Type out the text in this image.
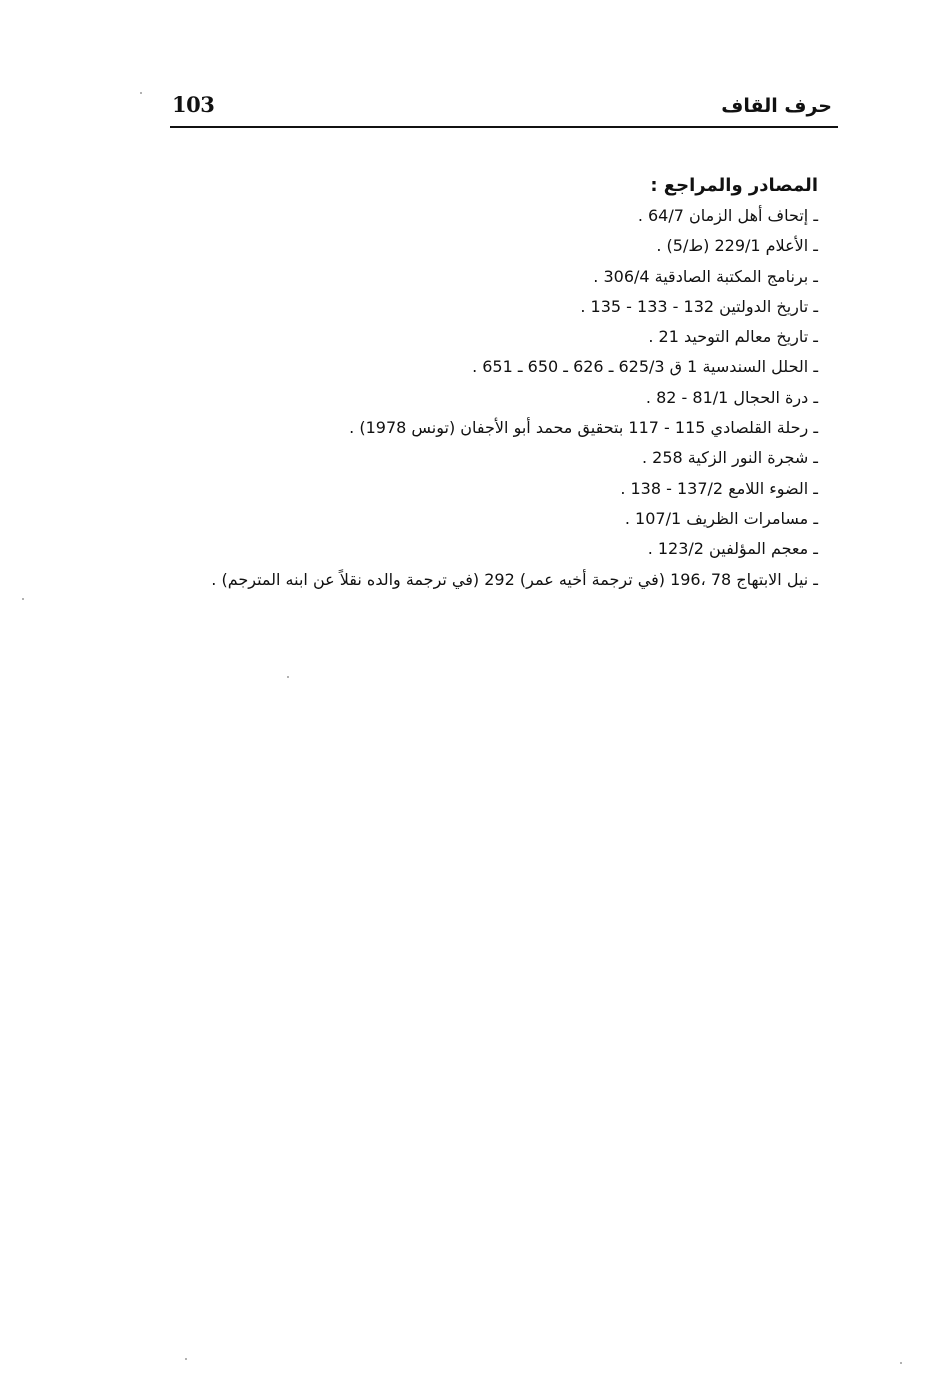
103	حرف القاف
المصادر والمراجع :
ـ إتحاف أهل الزمان 64/7 .
ـ الأعلام 229/1 (ط/5) .
ـ برنامج المكتبة الصادقية 306/4 .
ـ تاريخ الدولتين 132 - 133 - 135 .
ـ تاريخ معالم التوحيد 21 .
ـ الحلل السندسية 1 ق 625/3 ـ 626 ـ 650 ـ 651 .
ـ درة الحجال 81/1 - 82 .
ـ رحلة القلصادي 115 - 117 بتحقيق محمد أبو الأجفان (تونس 1978) .
ـ شجرة النور الزكية 258 .
ـ الضوء اللامع 137/2 - 138 .
ـ مسامرات الظريف 107/1 .
ـ معجم المؤلفين 123/2 .
ـ نيل الابتهاج 78 ،196 (في ترجمة أخيه عمر) 292 (في ترجمة والده نقلاً عن ابنه المترجم) .
